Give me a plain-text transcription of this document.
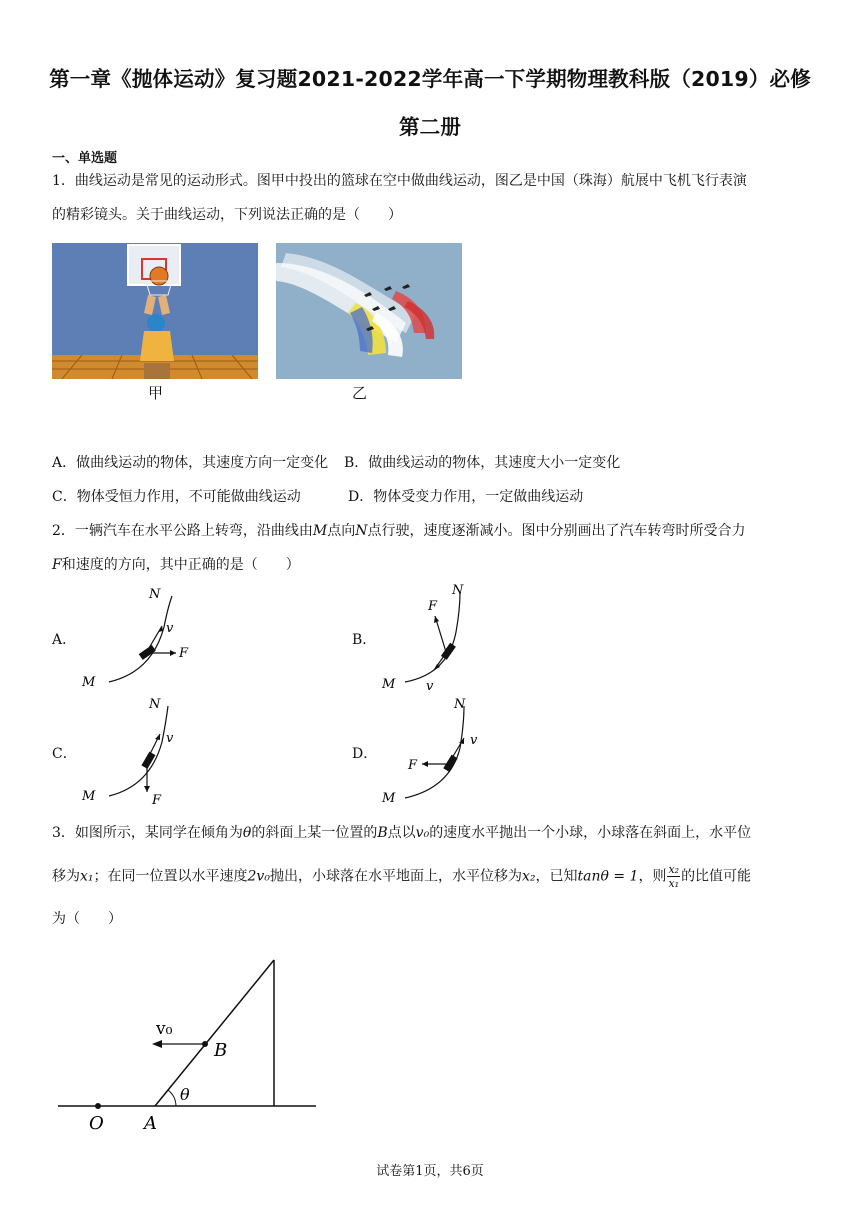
第一章《抛体运动》复习题2021-2022学年高一下学期物理教科版（2019）必修
第二册
一、单选题
1．曲线运动是常见的运动形式。图甲中投出的篮球在空中做曲线运动，图乙是中国（珠海）航展中飞机飞行表演
的精彩镜头。关于曲线运动，下列说法正确的是（　　）
甲	乙
A．做曲线运动的物体，其速度方向一定变化 B．做曲线运动的物体，其速度大小一定变化
C．物体受恒力作用，不可能做曲线运动	D．物体受变力作用，一定做曲线运动
2．一辆汽车在水平公路上转弯，沿曲线由M点向N点行驶，速度逐渐减小。图中分别画出了汽车转弯时所受合力
F和速度的方向，其中正确的是（　　）
A．
N
v
F
M
B．
N
F
v
M
C．
N
v
F
M
D．
N
v
F
M
3．如图所示，某同学在倾角为θ的斜面上某一位置的B点以v₀的速度水平抛出一个小球，小球落在斜面上，水平位
移为x₁；在同一位置以水平速度2v₀抛出，小球落在水平地面上，水平位移为x₂，已知tanθ = 1，则 $\frac{\text{x₂}}{\text{x₁}}$ 的比值可能
为（　　）
v₀
B
θ
O A
试卷第1页，共6页
